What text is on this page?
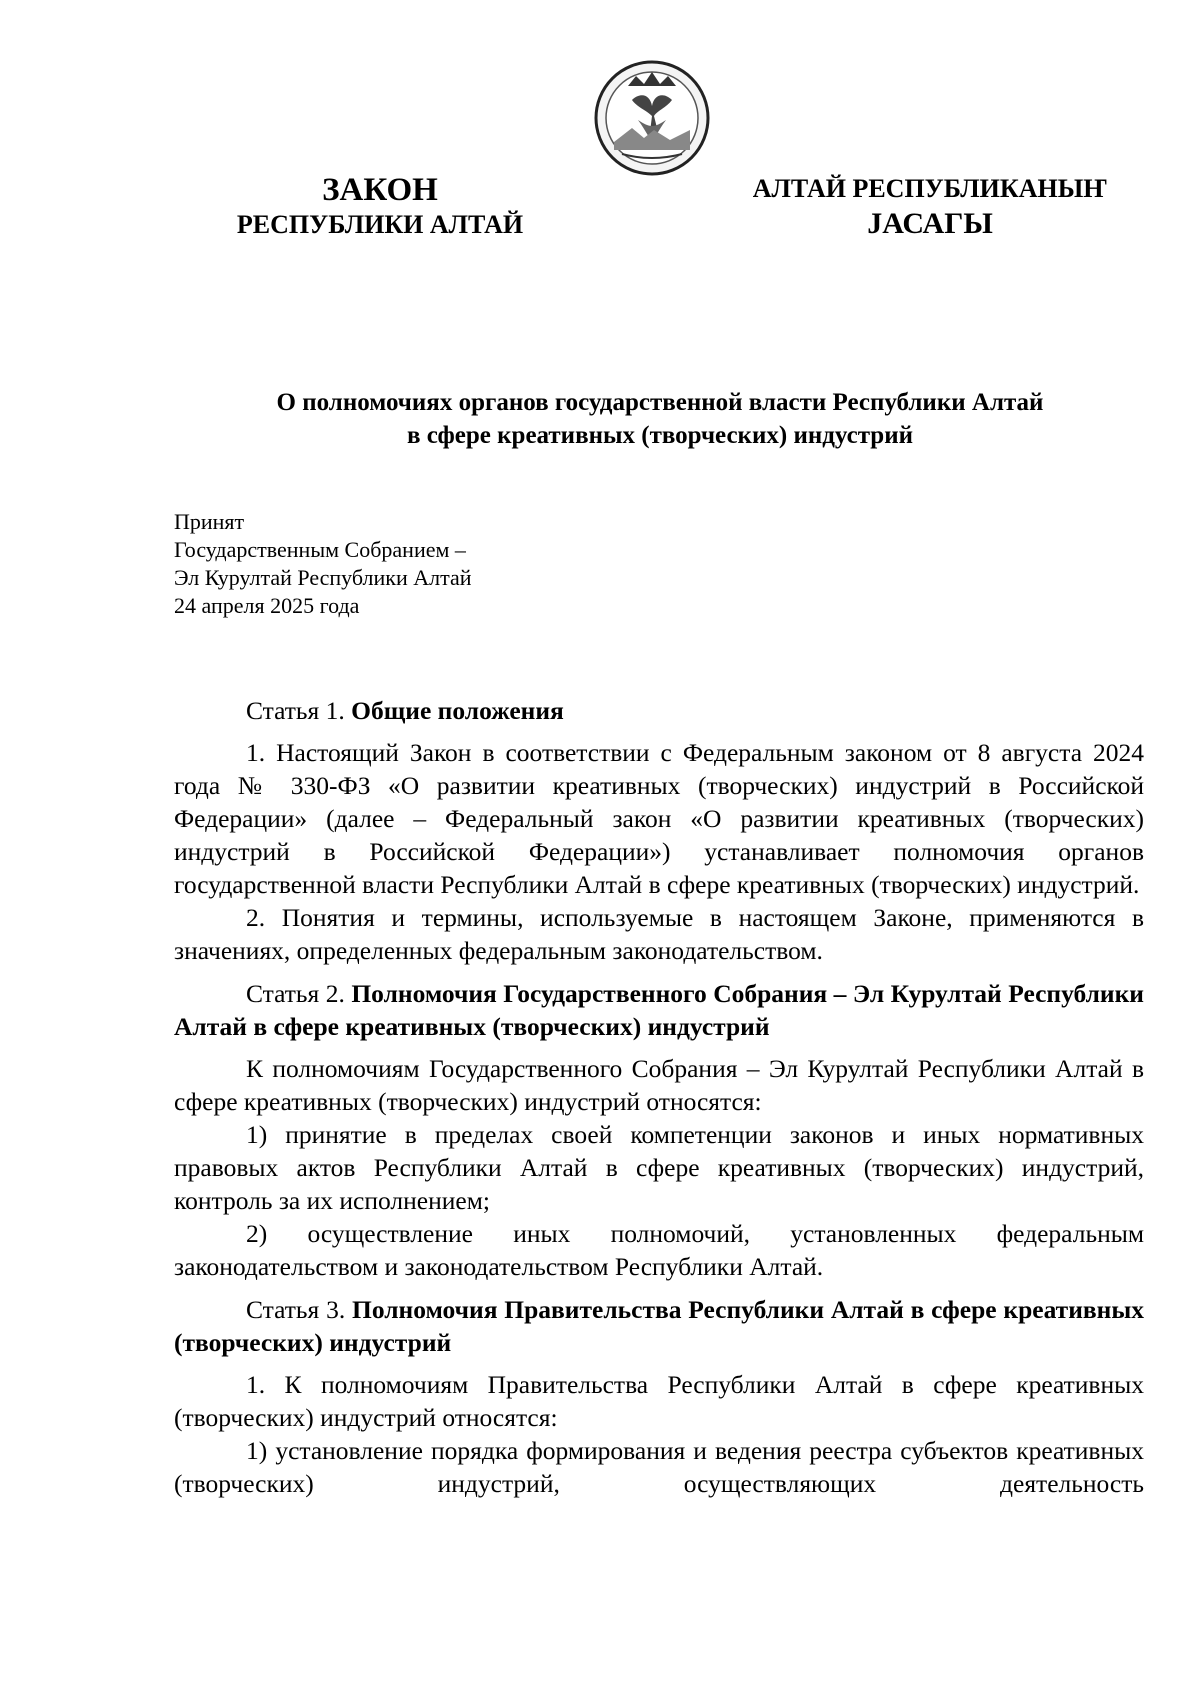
ЗАКОН
РЕСПУБЛИКИ АЛТАЙ
АЛТАЙ РЕСПУБЛИКАНЫҤ
JАСАГЫ
О полномочиях органов государственной власти Республики Алтай
в сфере креативных (творческих) индустрий
Принят
Государственным Собранием –
Эл Курултай Республики Алтай
24 апреля 2025 года

Статья 1. Общие положения

1. Настоящий Закон в соответствии с Федеральным законом от 8 августа 2024 года № 330-ФЗ «О развитии креативных (творческих) индустрий в Российской Федерации» (далее – Федеральный закон «О развитии креативных (творческих) индустрий в Российской Федерации») устанавливает полномочия органов государственной власти Республики Алтай в сфере креативных (творческих) индустрий.

2. Понятия и термины, используемые в настоящем Законе, применяются в значениях, определенных федеральным законодательством.

Статья 2. Полномочия Государственного Собрания – Эл Курултай Республики Алтай в сфере креативных (творческих) индустрий

К полномочиям Государственного Собрания – Эл Курултай Республики Алтай в сфере креативных (творческих) индустрий относятся:

1) принятие в пределах своей компетенции законов и иных нормативных правовых актов Республики Алтай в сфере креативных (творческих) индустрий, контроль за их исполнением;

2) осуществление иных полномочий, установленных федеральным законодательством и законодательством Республики Алтай.

Статья 3. Полномочия Правительства Республики Алтай в сфере креативных (творческих) индустрий

1. К полномочиям Правительства Республики Алтай в сфере креативных (творческих) индустрий относятся:

1) установление порядка формирования и ведения реестра субъектов креативных (творческих) индустрий, осуществляющих деятельность
